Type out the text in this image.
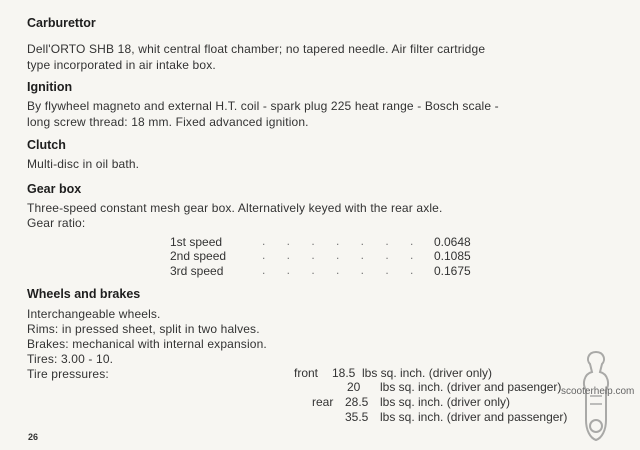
Carburettor
Dell'ORTO SHB 18, whit central float chamber; no tapered needle. Air filter cartridge
type incorporated in air intake box.
Ignition
By flywheel magneto and external H.T. coil - spark plug 225 heat range - Bosch scale -
long screw thread: 18 mm. Fixed advanced ignition.
Clutch
Multi-disc in oil bath.
Gear box
Three-speed constant mesh gear box. Alternatively keyed with the rear axle.
Gear ratio:
1st speed	. . . . . . . 0.0648
2nd speed	. . . . . . . 0.1085
3rd speed	. . . . . . . 0.1675
Wheels and brakes
Interchangeable wheels.
Rims: in pressed sheet, split in two halves.
Brakes: mechanical with internal expansion.
Tires: 3.00 - 10.
Tire pressures:	front 18.5 lbs sq. inch. (driver only)
20 lbs sq. inch. (driver and pasenger)
rear 28.5 lbs sq. inch. (driver only)
35.5 lbs sq. inch. (driver and passenger)
26
scooterhelp.com
